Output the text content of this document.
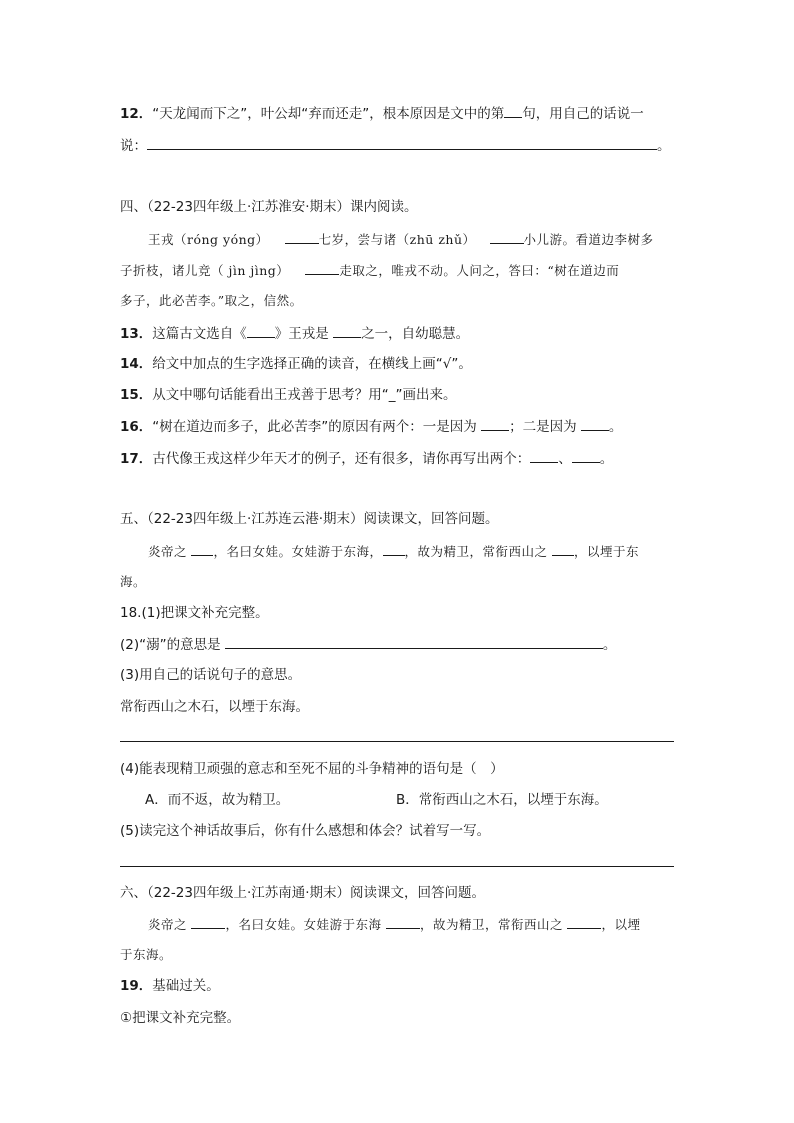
12．“天龙闻而下之”，叶公却“弃而还走”，根本原因是文中的第 句，用自己的话说一
说：	。
四、（22-23四年级上·江苏淮安·期末）课内阅读。
王戎（róng yóng）	七岁，尝与诸（zhū zhǔ）	小儿游。看道边李树多
子折枝，诸儿竞（ jìn jìng）	走取之，唯戎不动。人问之，答曰：“树在道边而
多子，此必苦李。”取之，信然。
13．这篇古文选自《 》王戎是 之一，自幼聪慧。
14．给文中加点的生字选择正确的读音，在横线上画“√”。
15．从文中哪句话能看出王戎善于思考？用“_”画出来。
16．“树在道边而多子，此必苦李”的原因有两个：一是因为 ；二是因为 。
17．古代像王戎这样少年天才的例子，还有很多，请你再写出两个： 、 。
五、（22-23四年级上·江苏连云港·期末）阅读课文，回答问题。
炎帝之 ，名曰女娃。女娃游于东海， ，故为精卫，常衔西山之 ，以堙于东
海。
18.(1)把课文补充完整。
(2)“溺”的意思是	。
(3)用自己的话说句子的意思。
常衔西山之木石，以堙于东海。
(4)能表现精卫顽强的意志和至死不屈的斗争精神的语句是（　）
A．而不返，故为精卫。	B．常衔西山之木石，以堙于东海。
(5)读完这个神话故事后，你有什么感想和体会？试着写一写。
六、（22-23四年级上·江苏南通·期末）阅读课文，回答问题。
炎帝之	，名曰女娃。女娃游于东海	，故为精卫，常衔西山之	，以堙
于东海。
19．基础过关。
①把课文补充完整。
